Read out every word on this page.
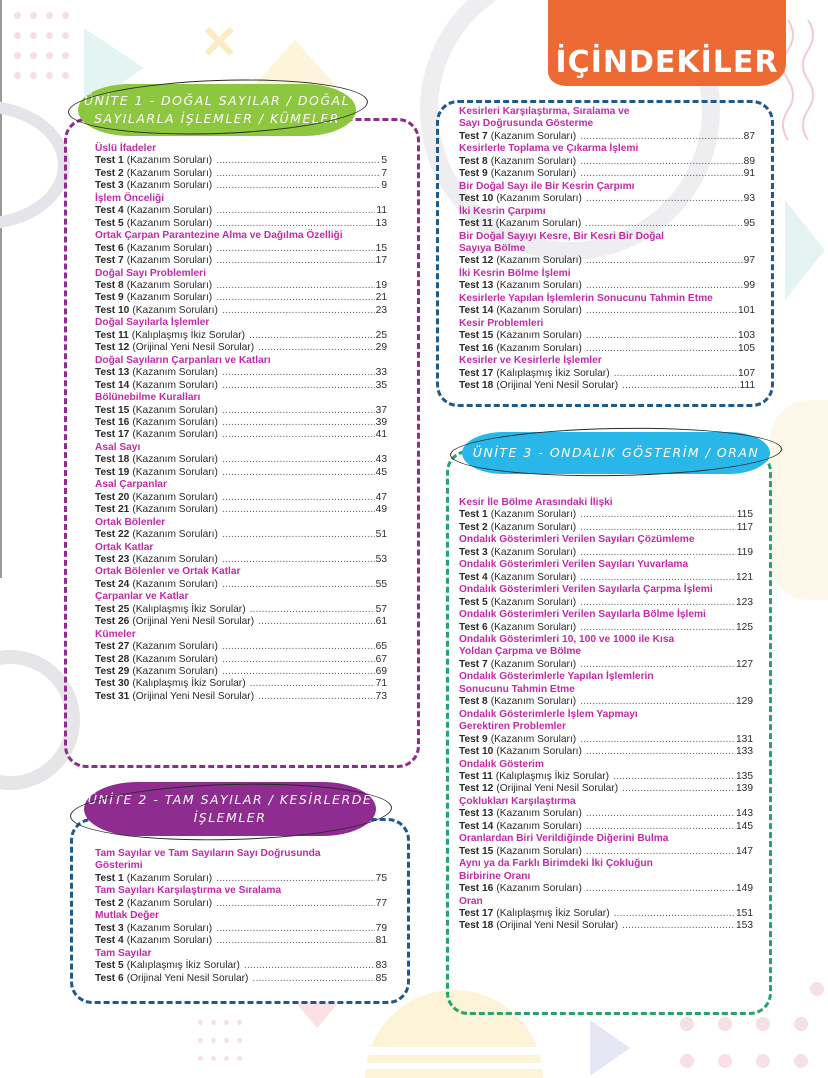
✕	İÇİNDEKİLER
ÜNİTE 1 - DOĞAL SAYILAR / DOĞAL
SAYILARLA İŞLEMLER / KÜMELER
Üslü İfadeler
Test 1 (Kazanım Soruları) .....	5
Test 2 (Kazanım Soruları) .....	7
Test 3 (Kazanım Soruları) .....	9
İşlem Önceliği
Test 4 (Kazanım Soruları) .....	11
Test 5 (Kazanım Soruları) .....	13
Ortak Çarpan Parantezine Alma ve Dağılma Özelliği
Test 6 (Kazanım Soruları) .....	15
Test 7 (Kazanım Soruları) .....	17
Doğal Sayı Problemleri
Test 8 (Kazanım Soruları) .....	19
Test 9 (Kazanım Soruları) .....	21
Test 10 (Kazanım Soruları) .....	23
Doğal Sayılarla İşlemler
Test 11 (Kalıplaşmış İkiz Sorular) .....	25
Test 12 (Orijinal Yeni Nesil Sorular) .....	29
Doğal Sayıların Çarpanları ve Katları
Test 13 (Kazanım Soruları) .....	33
Test 14 (Kazanım Soruları) .....	35
Bölünebilme Kuralları
Test 15 (Kazanım Soruları) .....	37
Test 16 (Kazanım Soruları) .....	39
Test 17 (Kazanım Soruları) .....	41
Asal Sayı
Test 18 (Kazanım Soruları) .....	43
Test 19 (Kazanım Soruları) .....	45
Asal Çarpanlar
Test 20 (Kazanım Soruları) .....	47
Test 21 (Kazanım Soruları) .....	49
Ortak Bölenler
Test 22 (Kazanım Soruları) .....	51
Ortak Katlar
Test 23 (Kazanım Soruları) .....	53
Ortak Bölenler ve Ortak Katlar
Test 24 (Kazanım Soruları) .....	55
Çarpanlar ve Katlar
Test 25 (Kalıplaşmış İkiz Sorular) .....	57
Test 26 (Orijinal Yeni Nesil Sorular) .....	61
Kümeler
Test 27 (Kazanım Soruları) .....	65
Test 28 (Kazanım Soruları) .....	67
Test 29 (Kazanım Soruları) .....	69
Test 30 (Kalıplaşmış İkiz Sorular) .....	71
Test 31 (Orijinal Yeni Nesil Sorular) .....	73
ÜNİTE 2 - TAM SAYILAR / KESİRLERDE
İŞLEMLER
Tam Sayılar ve Tam Sayıların Sayı Doğrusunda
Gösterimi
Test 1 (Kazanım Soruları) .....	75
Tam Sayıları Karşılaştırma ve Sıralama
Test 2 (Kazanım Soruları) .....	77
Mutlak Değer
Test 3 (Kazanım Soruları) .....	79
Test 4 (Kazanım Soruları) .....	81
Tam Sayılar
Test 5 (Kalıplaşmış İkiz Sorular) .....	83
Test 6 (Orijinal Yeni Nesil Sorular) .....	85
Kesirleri Karşılaştırma, Sıralama ve
Sayı Doğrusunda Gösterme
Test 7 (Kazanım Soruları) .....	87
Kesirlerle Toplama ve Çıkarma İşlemi
Test 8 (Kazanım Soruları) .....	89
Test 9 (Kazanım Soruları) .....	91
Bir Doğal Sayı ile Bir Kesrin Çarpımı
Test 10 (Kazanım Soruları) .....	93
İki Kesrin Çarpımı
Test 11 (Kazanım Soruları) .....	95
Bir Doğal Sayıyı Kesre, Bir Kesri Bir Doğal
Sayıya Bölme
Test 12 (Kazanım Soruları) .....	97
İki Kesrin Bölme İşlemi
Test 13 (Kazanım Soruları) .....	99
Kesirlerle Yapılan İşlemlerin Sonucunu Tahmin Etme
Test 14 (Kazanım Soruları) .....	101
Kesir Problemleri
Test 15 (Kazanım Soruları) .....	103
Test 16 (Kazanım Soruları) .....	105
Kesirler ve Kesirlerle İşlemler
Test 17 (Kalıplaşmış İkiz Sorular) .....	107
Test 18 (Orijinal Yeni Nesil Sorular) .....	111
ÜNİTE 3 - ONDALIK GÖSTERİM / ORAN
Kesir İle Bölme Arasındaki İlişki
Test 1 (Kazanım Soruları) .....	115
Test 2 (Kazanım Soruları) .....	117
Ondalık Gösterimleri Verilen Sayıları Çözümleme
Test 3 (Kazanım Soruları) .....	119
Ondalık Gösterimleri Verilen Sayıları Yuvarlama
Test 4 (Kazanım Soruları) .....	121
Ondalık Gösterimleri Verilen Sayılarla Çarpma İşlemi
Test 5 (Kazanım Soruları) .....	123
Ondalık Gösterimleri Verilen Sayılarla Bölme İşlemi
Test 6 (Kazanım Soruları) .....	125
Ondalık Gösterimleri 10, 100 ve 1000 ile Kısa
Yoldan Çarpma ve Bölme
Test 7 (Kazanım Soruları) .....	127
Ondalık Gösterimlerle Yapılan İşlemlerin
Sonucunu Tahmin Etme
Test 8 (Kazanım Soruları) .....	129
Ondalık Gösterimlerle İşlem Yapmayı
Gerektiren Problemler
Test 9 (Kazanım Soruları) .....	131
Test 10 (Kazanım Soruları) .....	133
Ondalık Gösterim
Test 11 (Kalıplaşmış İkiz Sorular) .....	135
Test 12 (Orijinal Yeni Nesil Sorular) .....	139
Çoklukları Karşılaştırma
Test 13 (Kazanım Soruları) .....	143
Test 14 (Kazanım Soruları) .....	145
Oranlardan Biri Verildiğinde Diğerini Bulma
Test 15 (Kazanım Soruları) .....	147
Aynı ya da Farklı Birimdeki İki Çokluğun
Birbirine Oranı
Test 16 (Kazanım Soruları) .....	149
Oran
Test 17 (Kalıplaşmış İkiz Sorular) .....	151
Test 18 (Orijinal Yeni Nesil Sorular) .....	153
